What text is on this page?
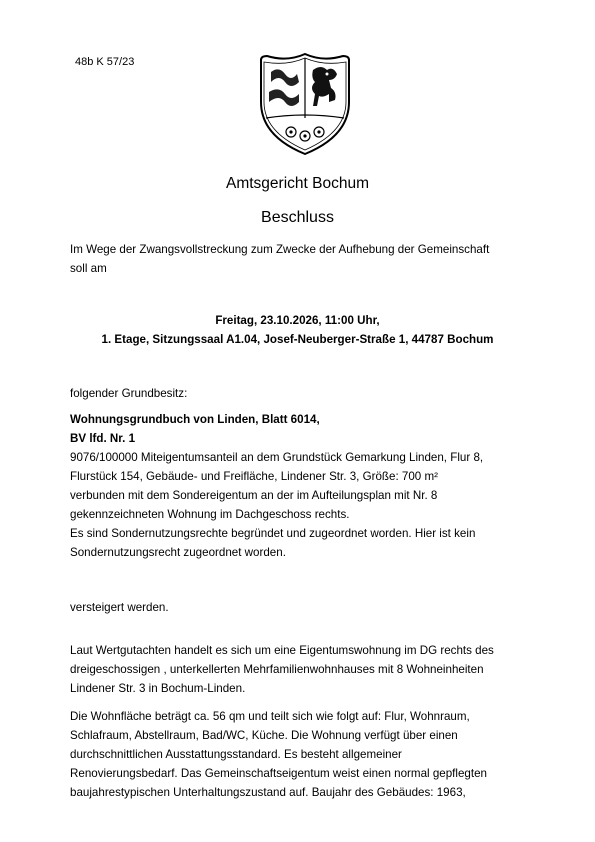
48b K 57/23
Amtsgericht Bochum
Beschluss
Im Wege der Zwangsvollstreckung zum Zwecke der Aufhebung der Gemeinschaft
soll am
Freitag, 23.10.2026, 11:00 Uhr,
1. Etage, Sitzungssaal A1.04, Josef-Neuberger-Straße 1, 44787 Bochum
folgender Grundbesitz:
Wohnungsgrundbuch von Linden, Blatt 6014,
BV lfd. Nr. 1
9076/100000 Miteigentumsanteil an dem Grundstück Gemarkung Linden, Flur 8,
Flurstück 154, Gebäude- und Freifläche, Lindener Str. 3, Größe: 700 m²
verbunden mit dem Sondereigentum an der im Aufteilungsplan mit Nr. 8
gekennzeichneten Wohnung im Dachgeschoss rechts.
Es sind Sondernutzungsrechte begründet und zugeordnet worden. Hier ist kein
Sondernutzungsrecht zugeordnet worden.
versteigert werden.
Laut Wertgutachten handelt es sich um eine Eigentumswohnung im DG rechts des
dreigeschossigen , unterkellerten Mehrfamilienwohnhauses mit 8 Wohneinheiten
Lindener Str. 3 in Bochum-Linden.
Die Wohnfläche beträgt ca. 56 qm und teilt sich wie folgt auf: Flur, Wohnraum,
Schlafraum, Abstellraum, Bad/WC, Küche. Die Wohnung verfügt über einen
durchschnittlichen Ausstattungsstandard. Es besteht allgemeiner
Renovierungsbedarf. Das Gemeinschaftseigentum weist einen normal gepflegten
baujahrestypischen Unterhaltungszustand auf. Baujahr des Gebäudes: 1963,
